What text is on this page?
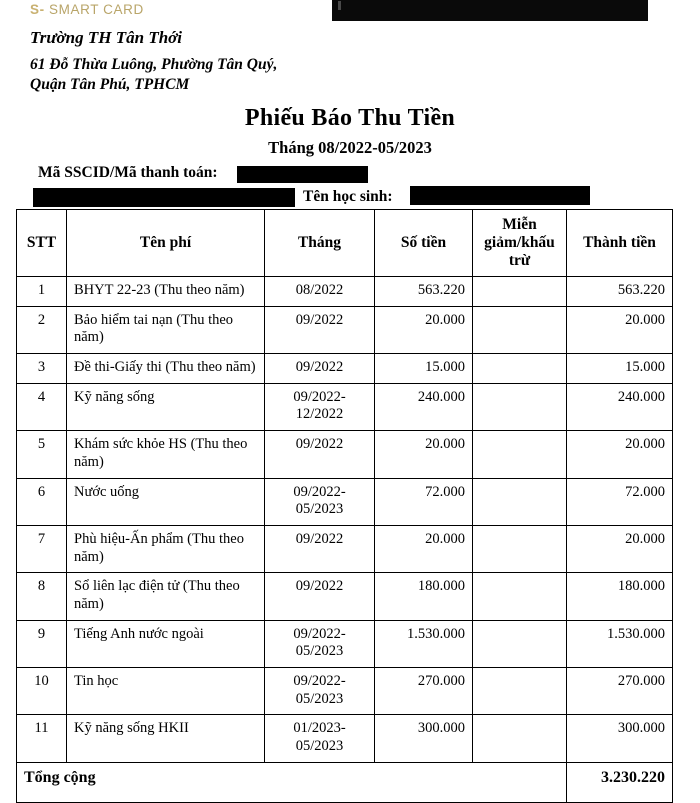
S- SMART CARD
Trường TH Tân Thới
61 Đỗ Thừa Luông, Phường Tân Quý,
Quận Tân Phú, TPHCM
Phiếu Báo Thu Tiền
Tháng 08/2022-05/2023
Mã SSCID/Mã thanh toán:
Tên học sinh:
STT	Tên phí	Tháng	Số tiền	Miễn giảm/khấu trừ	Thành tiền
1	BHYT 22-23 (Thu theo năm)	08/2022	563.220		563.220
2	Bảo hiểm tai nạn (Thu theo năm)	09/2022	20.000		20.000
3	Đề thi-Giấy thi (Thu theo năm)	09/2022	15.000		15.000
4	Kỹ năng sống	09/2022-12/2022	240.000		240.000
5	Khám sức khỏe HS (Thu theo năm)	09/2022	20.000		20.000
6	Nước uống	09/2022-05/2023	72.000		72.000
7	Phù hiệu-Ấn phẩm (Thu theo năm)	09/2022	20.000		20.000
8	Sổ liên lạc điện tử (Thu theo năm)	09/2022	180.000		180.000
9	Tiếng Anh nước ngoài	09/2022-05/2023	1.530.000		1.530.000
10	Tin học	09/2022-05/2023	270.000		270.000
11	Kỹ năng sống HKII	01/2023-05/2023	300.000		300.000
Tổng cộng					3.230.220
